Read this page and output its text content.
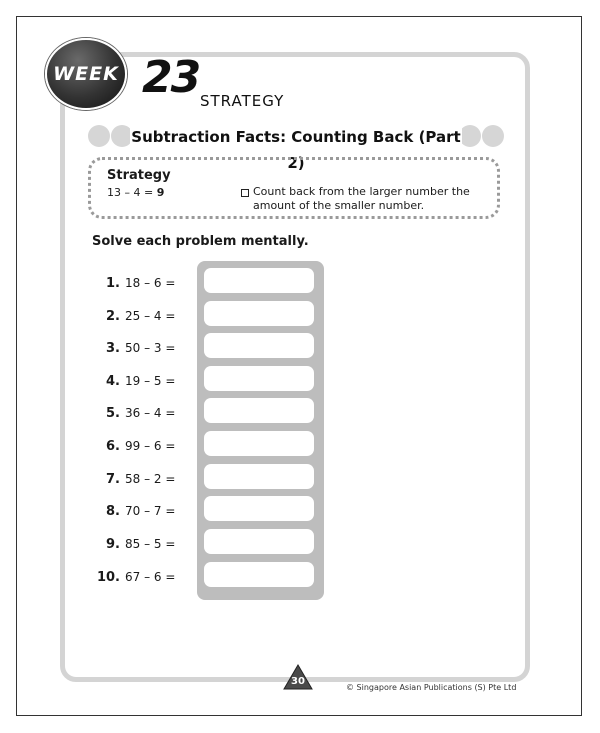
WEEK 23 STRATEGY
Subtraction Facts: Counting Back (Part 2)
Strategy
13 – 4 = 9	Count back from the larger number the amount of the smaller number.
Solve each problem mentally.
1. 18 – 6 =
2. 25 – 4 =
3. 50 – 3 =
4. 19 – 5 =
5. 36 – 4 =
6. 99 – 6 =
7. 58 – 2 =
8. 70 – 7 =
9. 85 – 5 =
10. 67 – 6 =
30
© Singapore Asian Publications (S) Pte Ltd
